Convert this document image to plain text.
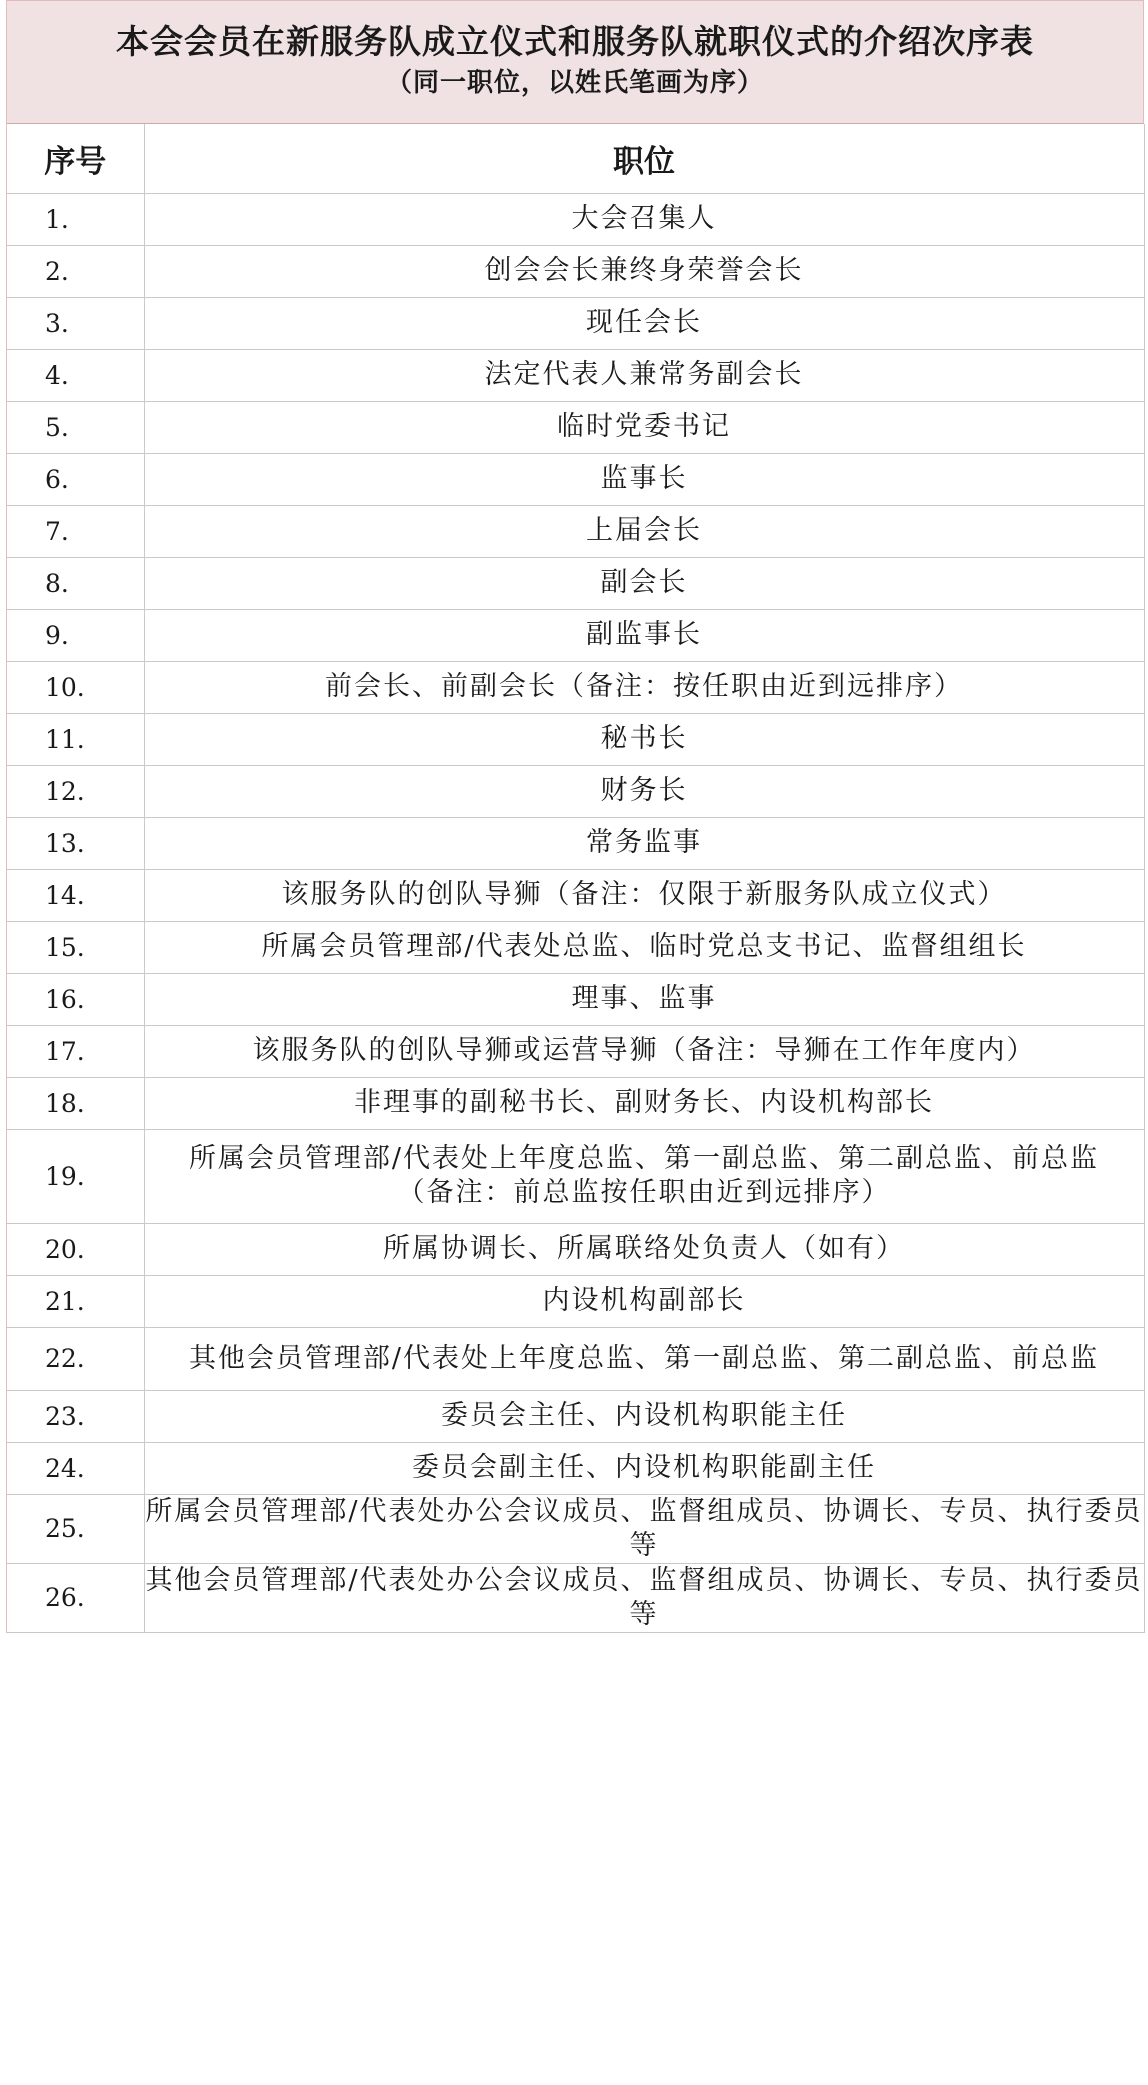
本会会员在新服务队成立仪式和服务队就职仪式的介绍次序表
（同一职位，以姓氏笔画为序）
序号	职位
1.	大会召集人
2.	创会会长兼终身荣誉会长
3.	现任会长
4.	法定代表人兼常务副会长
5.	临时党委书记
6.	监事长
7.	上届会长
8.	副会长
9.	副监事长
10.	前会长、前副会长（备注：按任职由近到远排序）
11.	秘书长
12.	财务长
13.	常务监事
14.	该服务队的创队导狮（备注：仅限于新服务队成立仪式）
15.	所属会员管理部/代表处总监、临时党总支书记、监督组组长
16.	理事、监事
17.	该服务队的创队导狮或运营导狮（备注：导狮在工作年度内）
18.	非理事的副秘书长、副财务长、内设机构部长
19.	所属会员管理部/代表处上年度总监、第一副总监、第二副总监、前总监
（备注：前总监按任职由近到远排序）
20.	所属协调长、所属联络处负责人（如有）
21.	内设机构副部长
22.	其他会员管理部/代表处上年度总监、第一副总监、第二副总监、前总监
23.	委员会主任、内设机构职能主任
24.	委员会副主任、内设机构职能副主任
25.	所属会员管理部/代表处办公会议成员、监督组成员、协调长、专员、执行委员等
26.	其他会员管理部/代表处办公会议成员、监督组成员、协调长、专员、执行委员等
